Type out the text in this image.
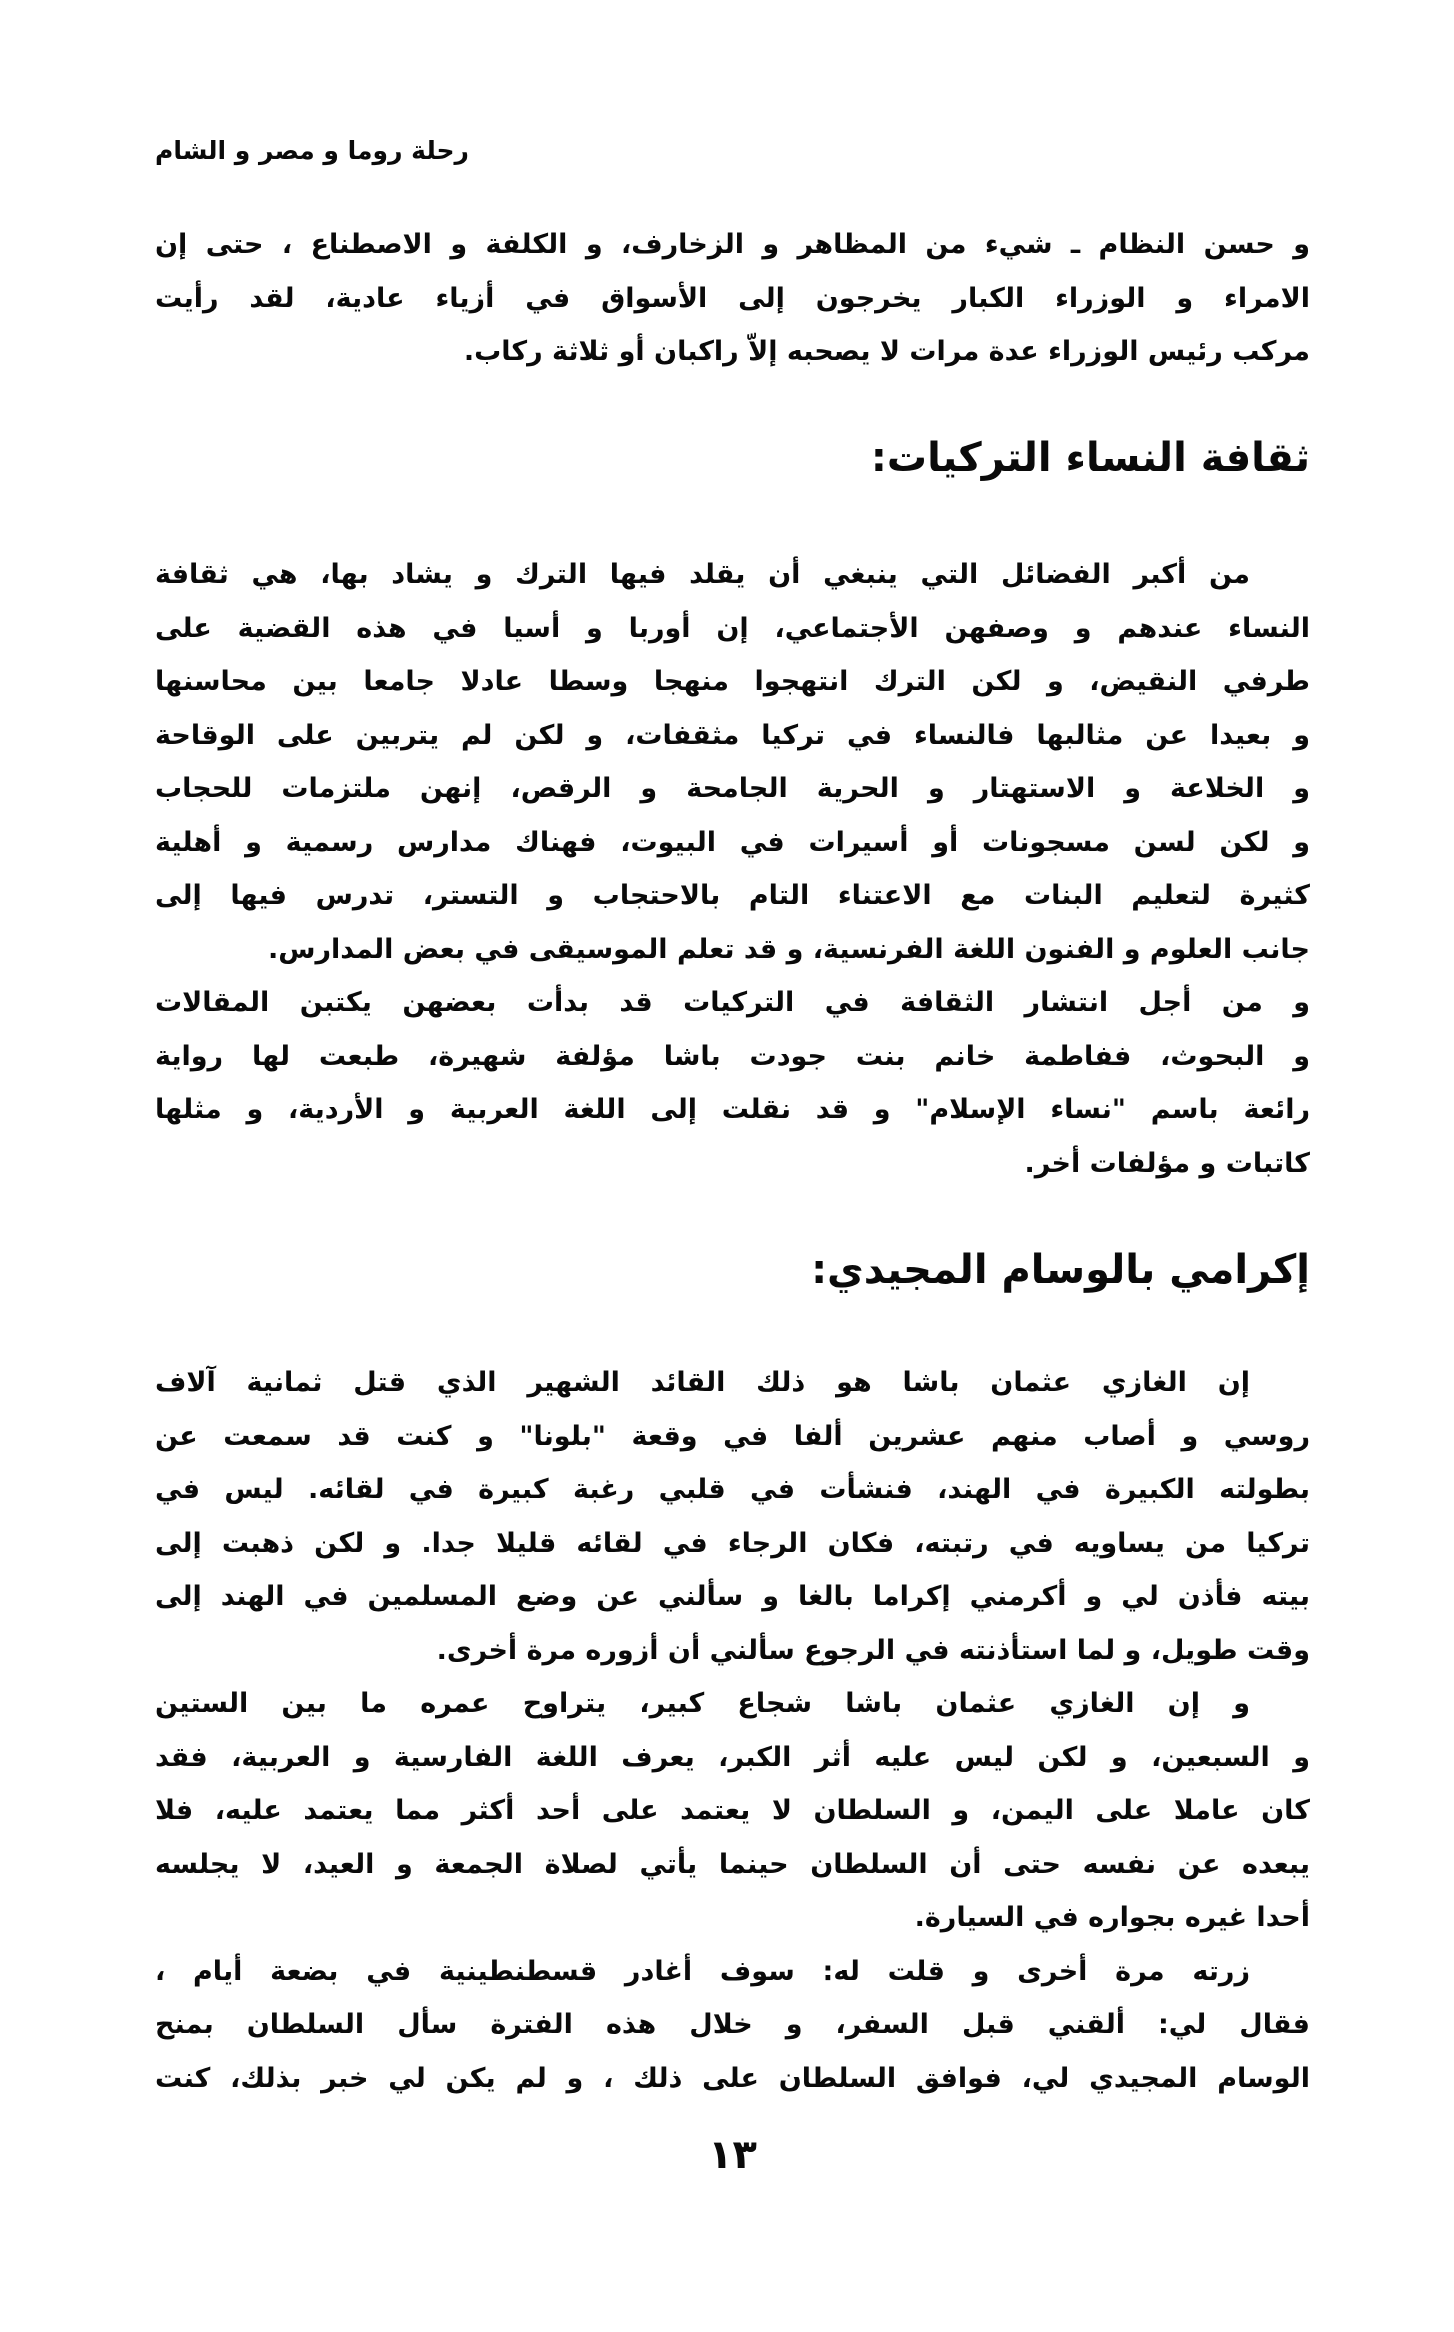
رحلة روما و مصر و الشام

و حسن النظام ـ شيء من المظاهر و الزخارف، و الكلفة و الاصطناع ، حتى إن
الامراء و الوزراء الكبار يخرجون إلى الأسواق في أزياء عادية، لقد رأيت
مركب رئيس الوزراء عدة مرات لا يصحبه إلاّ راكبان أو ثلاثة ركاب.

ثقافة النساء التركيات:

من أكبر الفضائل التي ينبغي أن يقلد فيها الترك و يشاد بها، هي ثقافة
النساء عندهم و وصفهن الأجتماعي، إن أوربا و أسيا في هذه القضية على
طرفي النقيض، و لكن الترك انتهجوا منهجا وسطا عادلا جامعا بين محاسنها
و بعيدا عن مثالبها فالنساء في تركيا مثقفات، و لكن لم يتربين على الوقاحة
و الخلاعة و الاستهتار و الحرية الجامحة و الرقص، إنهن ملتزمات للحجاب
و لكن لسن مسجونات أو أسيرات في البيوت، فهناك مدارس رسمية و أهلية
كثيرة لتعليم البنات مع الاعتناء التام بالاحتجاب و التستر، تدرس فيها إلى
جانب العلوم و الفنون اللغة الفرنسية، و قد تعلم الموسيقى في بعض المدارس.

و من أجل انتشار الثقافة في التركيات قد بدأت بعضهن يكتبن المقالات
و البحوث، ففاطمة خانم بنت جودت باشا مؤلفة شهيرة، طبعت لها رواية
رائعة باسم "نساء الإسلام" و قد نقلت إلى اللغة العربية و الأردية، و مثلها
كاتبات و مؤلفات أخر.

إكرامي بالوسام المجيدي:

إن الغازي عثمان باشا هو ذلك القائد الشهير الذي قتل ثمانية آلاف
روسي و أصاب منهم عشرين ألفا في وقعة "بلونا" و كنت قد سمعت عن
بطولته الكبيرة في الهند، فنشأت في قلبي رغبة كبيرة في لقائه. ليس في
تركيا من يساويه في رتبته، فكان الرجاء في لقائه قليلا جدا. و لكن ذهبت إلى
بيته فأذن لي و أكرمني إكراما بالغا و سألني عن وضع المسلمين في الهند إلى
وقت طويل، و لما استأذنته في الرجوع سألني أن أزوره مرة أخرى.

و إن الغازي عثمان باشا شجاع كبير، يتراوح عمره ما بين الستين
و السبعين، و لكن ليس عليه أثر الكبر، يعرف اللغة الفارسية و العربية، فقد
كان عاملا على اليمن، و السلطان لا يعتمد على أحد أكثر مما يعتمد عليه، فلا
يبعده عن نفسه حتى أن السلطان حينما يأتي لصلاة الجمعة و العيد، لا يجلسه
أحدا غيره بجواره في السيارة.

زرته مرة أخرى و قلت له: سوف أغادر قسطنطينية في بضعة أيام ،
فقال لي: ألقني قبل السفر، و خلال هذه الفترة سأل السلطان بمنح
الوسام المجيدي لي، فوافق السلطان على ذلك ، و لم يكن لي خبر بذلك، كنت

١٣
